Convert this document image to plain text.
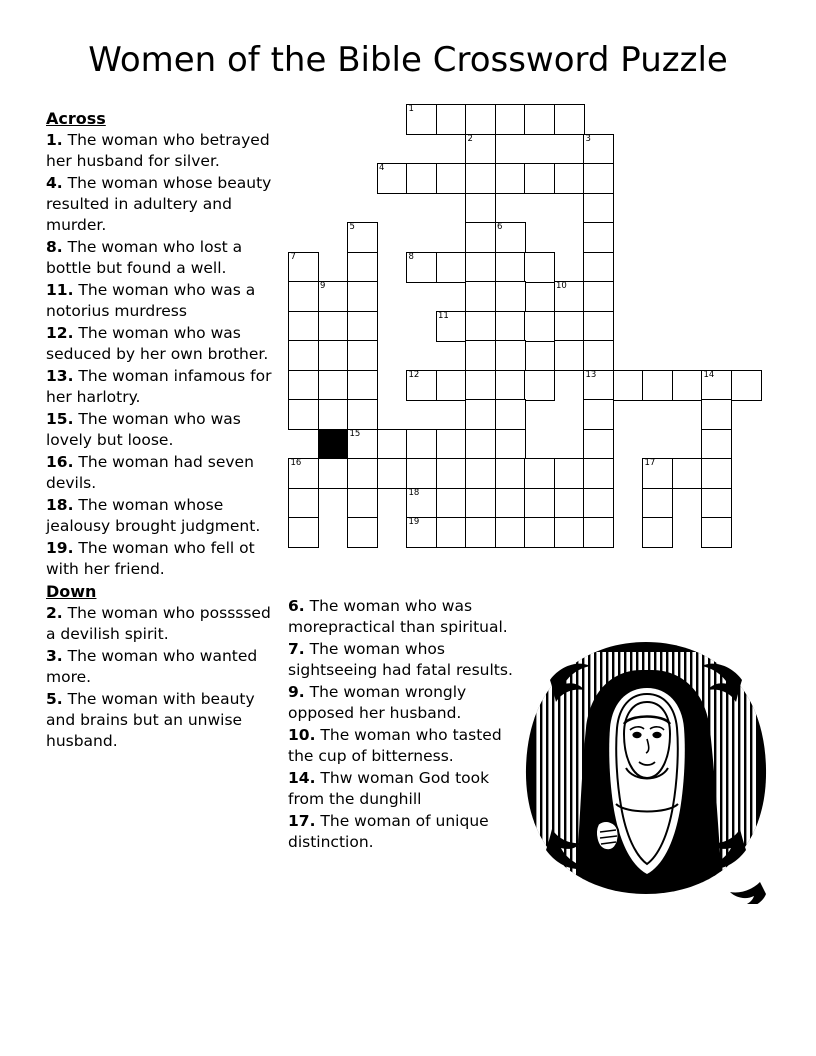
Women of the Bible Crossword Puzzle
Across
1. The woman who betrayed her husband for silver.
4. The woman whose beauty resulted in adultery and murder.
8. The woman who lost a bottle but found a well.
11. The woman who was a notorius murdress
12. The woman who was seduced by her own brother.
13. The woman infamous for her harlotry.
15. The woman who was lovely but loose.
16. The woman had seven devils.
18. The woman whose jealousy brought judgment.
19. The woman who fell ot with her friend.
Down
2. The woman who possssed a devilish spirit.
3. The woman who wanted more.
5. The woman with beauty and brains but an unwise husband.
6. The woman who was morepractical than spiritual.
7. The woman whos sightseeing had fatal results.
9. The woman wrongly opposed her husband.
10. The woman who tasted the cup of bitterness.
14. Thw woman God took from the dunghill
17. The woman of unique distinction.
1
2	3
4
5	6
7	8
9	10
11
12	13	14
15
16	17
18
19
